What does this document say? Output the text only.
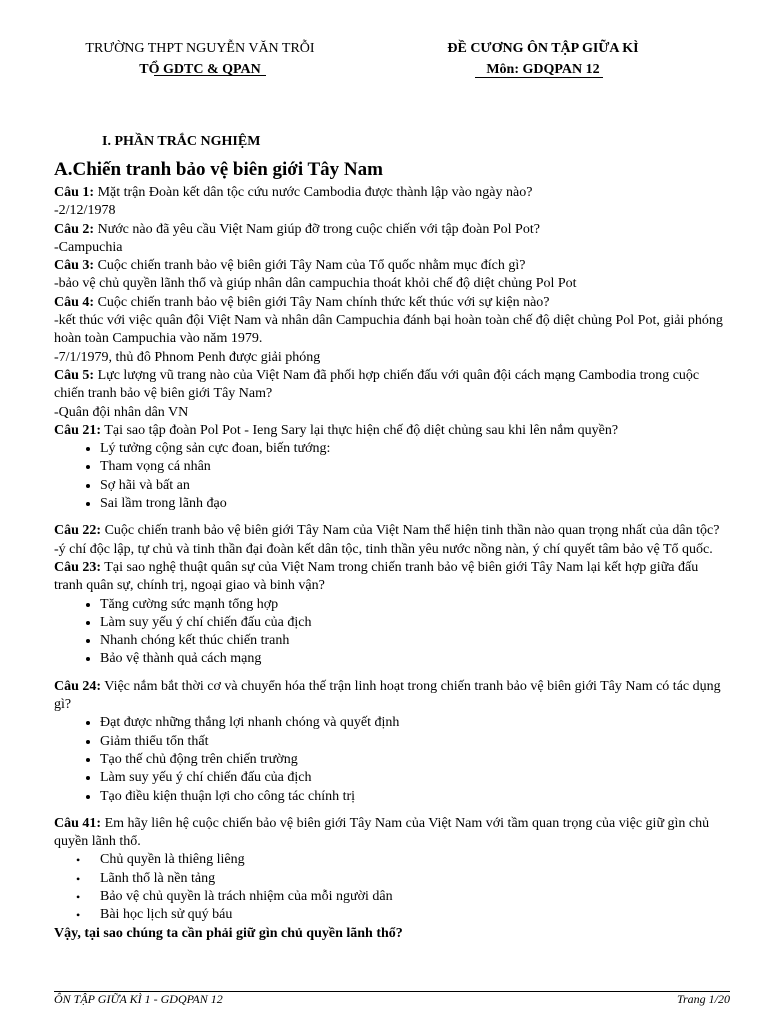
TRƯỜNG THPT NGUYỄN VĂN TRỖI
TỔ GDTC & QPAN
ĐỀ CƯƠNG ÔN TẬP GIỮA KÌ
Môn: GDQPAN 12
I. PHẦN TRẮC NGHIỆM
A.Chiến tranh bảo vệ biên giới Tây Nam

Câu 1: Mặt trận Đoàn kết dân tộc cứu nước Cambodia được thành lập vào ngày nào?

-2/12/1978

Câu 2: Nước nào đã yêu cầu Việt Nam giúp đỡ trong cuộc chiến với tập đoàn Pol Pot?

-Campuchia

Câu 3: Cuộc chiến tranh bảo vệ biên giới Tây Nam của Tổ quốc nhằm mục đích gì?

-bảo vệ chủ quyền lãnh thổ và giúp nhân dân campuchia thoát khỏi chế độ diệt chủng Pol Pot

Câu 4: Cuộc chiến tranh bảo vệ biên giới Tây Nam chính thức kết thúc với sự kiện nào?

-kết thúc với việc quân đội Việt Nam và nhân dân Campuchia đánh bại hoàn toàn chế độ diệt chủng Pol Pot, giải phóng hoàn toàn Campuchia vào năm 1979.

-7/1/1979, thủ đô Phnom Penh được giải phóng

Câu 5: Lực lượng vũ trang nào của Việt Nam đã phối hợp chiến đấu với quân đội cách mạng Cambodia trong cuộc chiến tranh bảo vệ biên giới Tây Nam?

-Quân đội nhân dân VN

Câu 21: Tại sao tập đoàn Pol Pot - Ieng Sary lại thực hiện chế độ diệt chủng sau khi lên nắm quyền?

• Lý tưởng cộng sản cực đoan, biến tướng:
• Tham vọng cá nhân
• Sợ hãi và bất an
• Sai lầm trong lãnh đạo

Câu 22: Cuộc chiến tranh bảo vệ biên giới Tây Nam của Việt Nam thể hiện tinh thần nào quan trọng nhất của dân tộc?

-ý chí độc lập, tự chủ và tinh thần đại đoàn kết dân tộc, tinh thần yêu nước nồng nàn, ý chí quyết tâm bảo vệ Tổ quốc.

Câu 23: Tại sao nghệ thuật quân sự của Việt Nam trong chiến tranh bảo vệ biên giới Tây Nam lại kết hợp giữa đấu tranh quân sự, chính trị, ngoại giao và binh vận?

• Tăng cường sức mạnh tổng hợp
• Làm suy yếu ý chí chiến đấu của địch
• Nhanh chóng kết thúc chiến tranh
• Bảo vệ thành quả cách mạng

Câu 24: Việc nắm bắt thời cơ và chuyển hóa thế trận linh hoạt trong chiến tranh bảo vệ biên giới Tây Nam có tác dụng gì?

• Đạt được những thắng lợi nhanh chóng và quyết định
• Giảm thiểu tổn thất
• Tạo thế chủ động trên chiến trường
• Làm suy yếu ý chí chiến đấu của địch
• Tạo điều kiện thuận lợi cho công tác chính trị

Câu 41: Em hãy liên hệ cuộc chiến bảo vệ biên giới Tây Nam của Việt Nam với tầm quan trọng của việc giữ gìn chủ quyền lãnh thổ.

• Chủ quyền là thiêng liêng
• Lãnh thổ là nền tảng
• Bảo vệ chủ quyền là trách nhiệm của mỗi người dân
• Bài học lịch sử quý báu

Vậy, tại sao chúng ta cần phải giữ gìn chủ quyền lãnh thổ?

ÔN TẬP GIỮA KÌ 1 - GDQPAN 12	Trang 1/20
